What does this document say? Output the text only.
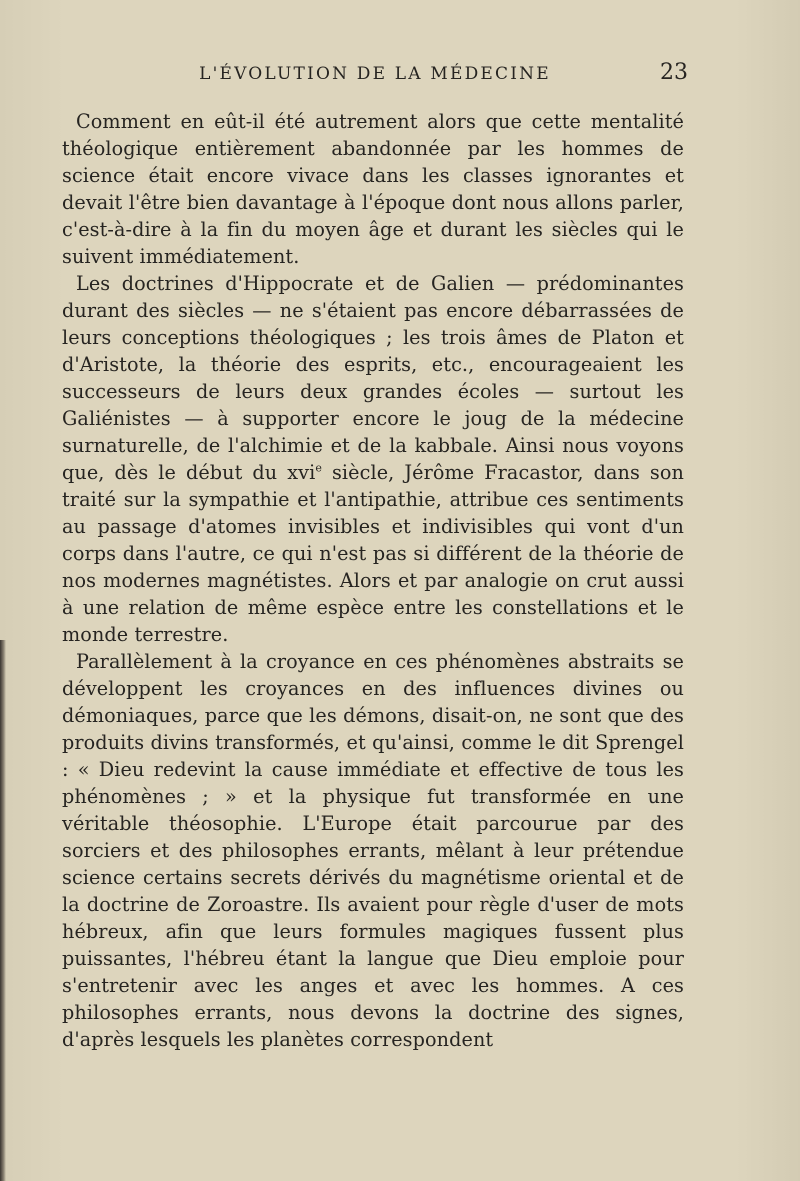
L'ÉVOLUTION DE LA MÉDECINE	23

Comment en eût-il été autrement alors que cette mentalité théologique entièrement abandonnée par les hommes de science était encore vivace dans les classes ignorantes et devait l'être bien davantage à l'époque dont nous allons parler, c'est-à-dire à la fin du moyen âge et durant les siècles qui le suivent immédiatement.

Les doctrines d'Hippocrate et de Galien — prédominantes durant des siècles — ne s'étaient pas encore débarrassées de leurs conceptions théologiques ; les trois âmes de Platon et d'Aristote, la théorie des esprits, etc., encourageaient les successeurs de leurs deux grandes écoles — surtout les Galiénistes — à supporter encore le joug de la médecine surnaturelle, de l'alchimie et de la kabbale. Ainsi nous voyons que, dès le début du xvi$^e$ siècle, Jérôme Fracastor, dans son traité sur la sympathie et l'antipathie, attribue ces sentiments au passage d'atomes invisibles et indivisibles qui vont d'un corps dans l'autre, ce qui n'est pas si différent de la théorie de nos modernes magnétistes. Alors et par analogie on crut aussi à une relation de même espèce entre les constellations et le monde terrestre.

Parallèlement à la croyance en ces phénomènes abstraits se développent les croyances en des influences divines ou démoniaques, parce que les démons, disait-on, ne sont que des produits divins transformés, et qu'ainsi, comme le dit Sprengel : « Dieu redevint la cause immédiate et effective de tous les phénomènes ; » et la physique fut transformée en une véritable théosophie. L'Europe était parcourue par des sorciers et des philosophes errants, mêlant à leur prétendue science certains secrets dérivés du magnétisme oriental et de la doctrine de Zoroastre. Ils avaient pour règle d'user de mots hébreux, afin que leurs formules magiques fussent plus puissantes, l'hébreu étant la langue que Dieu emploie pour s'entretenir avec les anges et avec les hommes. A ces philosophes errants, nous devons la doctrine des signes, d'après lesquels les planètes correspondent
